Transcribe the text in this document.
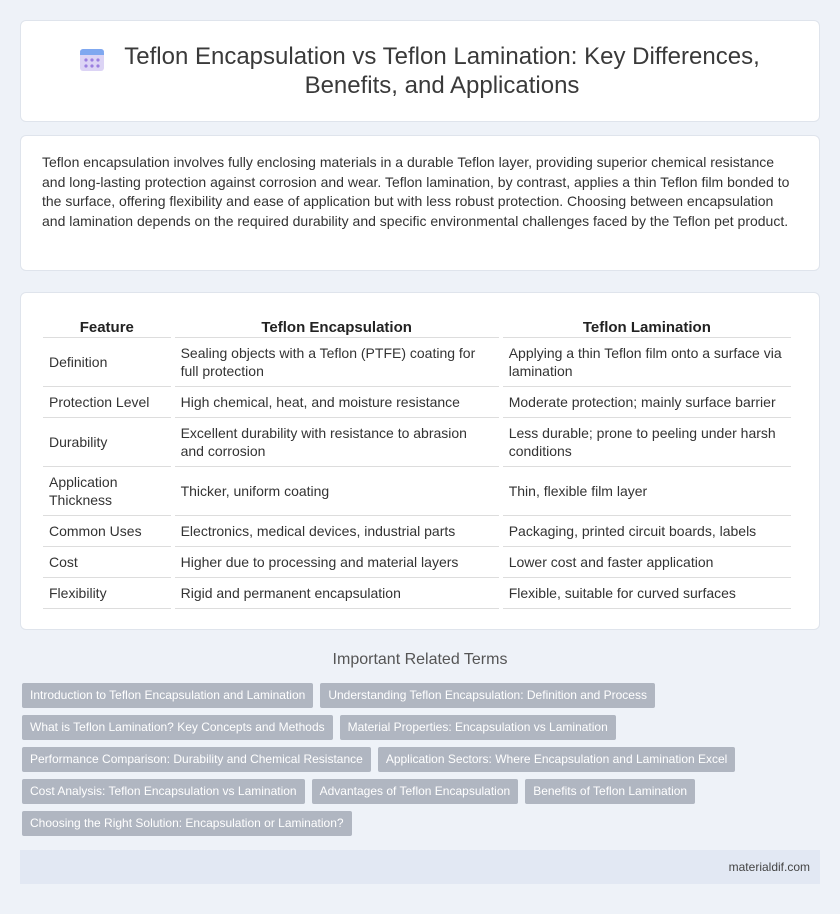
Teflon Encapsulation vs Teflon Lamination: Key Differences, Benefits, and Applications

Teflon encapsulation involves fully enclosing materials in a durable Teflon layer, providing superior chemical resistance and long-lasting protection against corrosion and wear. Teflon lamination, by contrast, applies a thin Teflon film bonded to the surface, offering flexibility and ease of application but with less robust protection. Choosing between encapsulation and lamination depends on the required durability and specific environmental challenges faced by the Teflon pet product.

Feature	Teflon Encapsulation	Teflon Lamination
Definition	Sealing objects with a Teflon (PTFE) coating for full protection	Applying a thin Teflon film onto a surface via lamination
Protection Level	High chemical, heat, and moisture resistance	Moderate protection; mainly surface barrier
Durability	Excellent durability with resistance to abrasion and corrosion	Less durable; prone to peeling under harsh conditions
Application Thickness	Thicker, uniform coating	Thin, flexible film layer
Common Uses	Electronics, medical devices, industrial parts	Packaging, printed circuit boards, labels
Cost	Higher due to processing and material layers	Lower cost and faster application
Flexibility	Rigid and permanent encapsulation	Flexible, suitable for curved surfaces
Important Related Terms
Introduction to Teflon Encapsulation and Lamination	Understanding Teflon Encapsulation: Definition and Process
What is Teflon Lamination? Key Concepts and Methods	Material Properties: Encapsulation vs Lamination
Performance Comparison: Durability and Chemical Resistance	Application Sectors: Where Encapsulation and Lamination Excel
Cost Analysis: Teflon Encapsulation vs Lamination	Advantages of Teflon Encapsulation	Benefits of Teflon Lamination
Choosing the Right Solution: Encapsulation or Lamination?
materialdif.com
